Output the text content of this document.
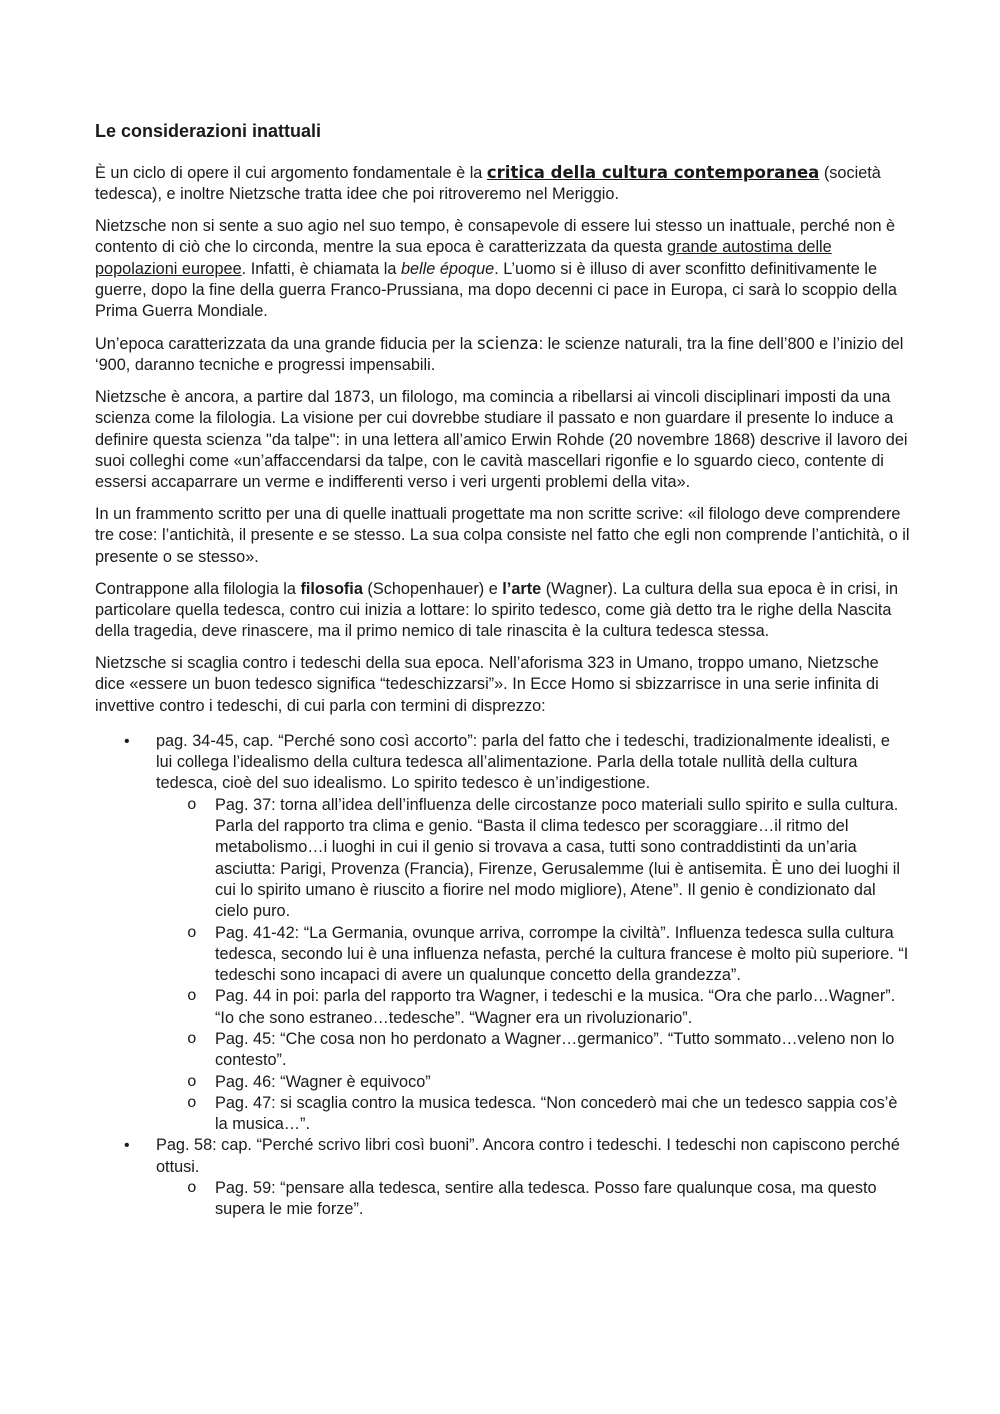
Le considerazioni inattuali

È un ciclo di opere il cui argomento fondamentale è la critica della cultura contemporanea (società tedesca), e inoltre Nietzsche tratta idee che poi ritroveremo nel Meriggio.

Nietzsche non si sente a suo agio nel suo tempo, è consapevole di essere lui stesso un inattuale, perché non è contento di ciò che lo circonda, mentre la sua epoca è caratterizzata da questa grande autostima delle popolazioni europee. Infatti, è chiamata la belle époque. L’uomo si è illuso di aver sconfitto definitivamente le guerre, dopo la fine della guerra Franco-Prussiana, ma dopo decenni ci pace in Europa, ci sarà lo scoppio della Prima Guerra Mondiale.

Un’epoca caratterizzata da una grande fiducia per la scienza: le scienze naturali, tra la fine dell’800 e l’inizio del ‘900, daranno tecniche e progressi impensabili.

Nietzsche è ancora, a partire dal 1873, un filologo, ma comincia a ribellarsi ai vincoli disciplinari imposti da una scienza come la filologia. La visione per cui dovrebbe studiare il passato e non guardare il presente lo induce a definire questa scienza "da talpe": in una lettera all’amico Erwin Rohde (20 novembre 1868) descrive il lavoro dei suoi colleghi come «un’affaccendarsi da talpe, con le cavità mascellari rigonfie e lo sguardo cieco, contente di essersi accaparrare un verme e indifferenti verso i veri urgenti problemi della vita».

In un frammento scritto per una di quelle inattuali progettate ma non scritte scrive: «il filologo deve comprendere tre cose: l’antichità, il presente e se stesso. La sua colpa consiste nel fatto che egli non comprende l’antichità, o il presente o se stesso».

Contrappone alla filologia la filosofia (Schopenhauer) e l’arte (Wagner). La cultura della sua epoca è in crisi, in particolare quella tedesca, contro cui inizia a lottare: lo spirito tedesco, come già detto tra le righe della Nascita della tragedia, deve rinascere, ma il primo nemico di tale rinascita è la cultura tedesca stessa.

Nietzsche si scaglia contro i tedeschi della sua epoca. Nell’aforisma 323 in Umano, troppo umano, Nietzsche dice «essere un buon tedesco significa “tedeschizzarsi”». In Ecce Homo si sbizzarrisce in una serie infinita di invettive contro i tedeschi, di cui parla con termini di disprezzo:

• pag. 34-45, cap. “Perché sono così accorto”: parla del fatto che i tedeschi, tradizionalmente idealisti, e lui collega l’idealismo della cultura tedesca all’alimentazione. Parla della totale nullità della cultura tedesca, cioè del suo idealismo. Lo spirito tedesco è un’indigestione.
o Pag. 37: torna all’idea dell’influenza delle circostanze poco materiali sullo spirito e sulla cultura. Parla del rapporto tra clima e genio. “Basta il clima tedesco per scoraggiare…il ritmo del metabolismo…i luoghi in cui il genio si trovava a casa, tutti sono contraddistinti da un’aria asciutta: Parigi, Provenza (Francia), Firenze, Gerusalemme (lui è antisemita. È uno dei luoghi il cui lo spirito umano è riuscito a fiorire nel modo migliore), Atene”. Il genio è condizionato dal cielo puro.
o Pag. 41-42: “La Germania, ovunque arriva, corrompe la civiltà”. Influenza tedesca sulla cultura tedesca, secondo lui è una influenza nefasta, perché la cultura francese è molto più superiore. “I tedeschi sono incapaci di avere un qualunque concetto della grandezza”.
o Pag. 44 in poi: parla del rapporto tra Wagner, i tedeschi e la musica. “Ora che parlo…Wagner”. “Io che sono estraneo…tedesche”. “Wagner era un rivoluzionario”.
o Pag. 45: “Che cosa non ho perdonato a Wagner…germanico”. “Tutto sommato…veleno non lo contesto”.
o Pag. 46: “Wagner è equivoco”
o Pag. 47: si scaglia contro la musica tedesca. “Non concederò mai che un tedesco sappia cos’è la musica…”.
• Pag. 58: cap. “Perché scrivo libri così buoni”. Ancora contro i tedeschi. I tedeschi non capiscono perché ottusi.
o Pag. 59: “pensare alla tedesca, sentire alla tedesca. Posso fare qualunque cosa, ma questo supera le mie forze”.
